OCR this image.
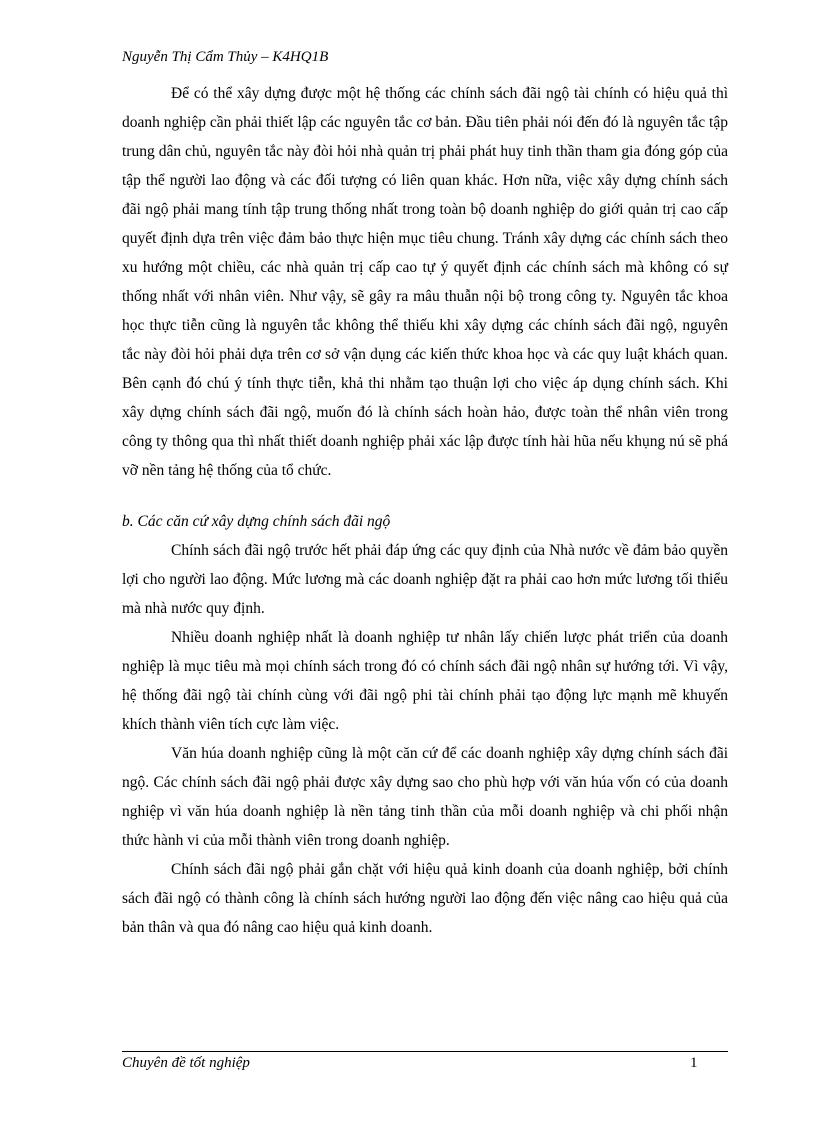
Nguyễn Thị Cẩm Thủy – K4HQ1B

Để có thể xây dựng được một hệ thống các chính sách đãi ngộ tài chính có hiệu quả thì doanh nghiệp cần phải thiết lập các nguyên tắc cơ bản. Đầu tiên phải nói đến đó là nguyên tắc tập trung dân chủ, nguyên tắc này đòi hỏi nhà quản trị phải phát huy tinh thần tham gia đóng góp của tập thể người lao động và các đối tượng có liên quan khác. Hơn nữa, việc xây dựng chính sách đãi ngộ phải mang tính tập trung thống nhất trong toàn bộ doanh nghiệp do giới quản trị cao cấp quyết định dựa trên việc đảm bảo thực hiện mục tiêu chung. Tránh xây dựng các chính sách theo xu hướng một chiều, các nhà quản trị cấp cao tự ý quyết định các chính sách mà không có sự thống nhất với nhân viên. Như vậy, sẽ gây ra mâu thuẫn nội bộ trong công ty. Nguyên tắc khoa học thực tiễn cũng là nguyên tắc không thể thiếu khi xây dựng các chính sách đãi ngộ, nguyên tắc này đòi hỏi phải dựa trên cơ sở vận dụng các kiến thức khoa học và các quy luật khách quan. Bên cạnh đó chú ý tính thực tiễn, khả thi nhằm tạo thuận lợi cho việc áp dụng chính sách. Khi xây dựng chính sách đãi ngộ, muốn đó là chính sách hoàn hảo, được toàn thể nhân viên trong công ty thông qua thì nhất thiết doanh nghiệp phải xác lập được tính hài hũa nếu khụng nú sẽ phá vỡ nền tảng hệ thống của tổ chức.

b. Các căn cứ xây dựng chính sách đãi ngộ

Chính sách đãi ngộ trước hết phải đáp ứng các quy định của Nhà nước về đảm bảo quyền lợi cho người lao động. Mức lương mà các doanh nghiệp đặt ra phải cao hơn mức lương tối thiểu mà nhà nước quy định.

Nhiều doanh nghiệp nhất là doanh nghiệp tư nhân lấy chiến lược phát triển của doanh nghiệp là mục tiêu mà mọi chính sách trong đó có chính sách đãi ngộ nhân sự hướng tới. Vì vậy, hệ thống đãi ngộ tài chính cùng với đãi ngộ phi tài chính phải tạo động lực mạnh mẽ khuyến khích thành viên tích cực làm việc.

Văn húa doanh nghiệp cũng là một căn cứ để các doanh nghiệp xây dựng chính sách đãi ngộ. Các chính sách đãi ngộ phải được xây dựng sao cho phù hợp với văn húa vốn có của doanh nghiệp vì văn húa doanh nghiệp là nền tảng tinh thần của mỗi doanh nghiệp và chi phối nhận thức hành vi của mỗi thành viên trong doanh nghiệp.

Chính sách đãi ngộ phải gắn chặt với hiệu quả kinh doanh của doanh nghiệp, bởi chính sách đãi ngộ có thành công là chính sách hướng người lao động đến việc nâng cao hiệu quả của bản thân và qua đó nâng cao hiệu quả kinh doanh.

Chuyên đề tốt nghiệp	1
